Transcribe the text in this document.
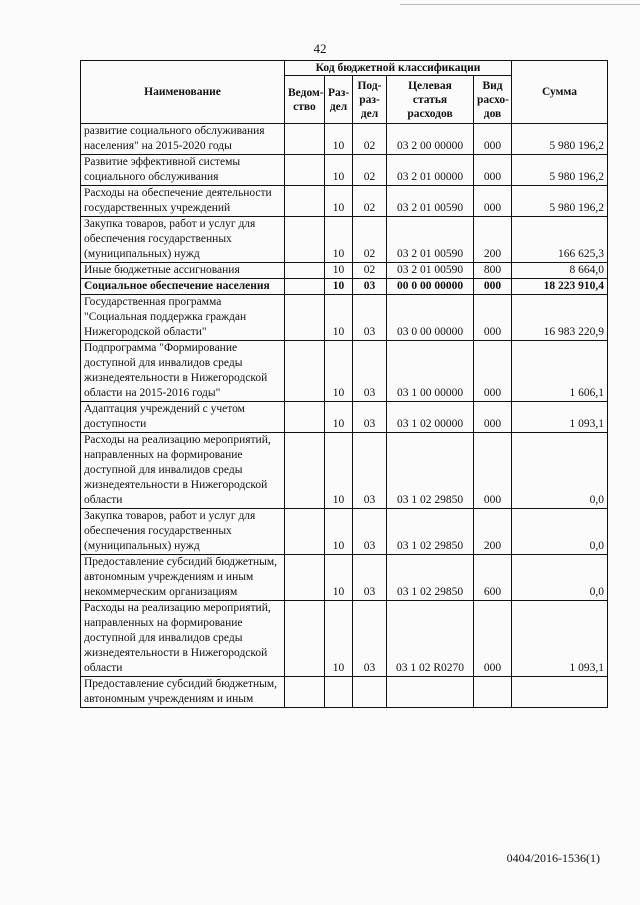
42
Наименование	Код бюджетной классификации					Сумма
	Ведом-ство	Раз-дел	Под-раз-дел	Целевая статья расходов	Вид расхо-дов	
развитие социального обслуживания населения" на 2015-2020 годы		10	02	03 2 00 00000	000	5 980 196,2
Развитие эффективной системы социального обслуживания		10	02	03 2 01 00000	000	5 980 196,2
Расходы на обеспечение деятельности государственных учреждений		10	02	03 2 01 00590	000	5 980 196,2
Закупка товаров, работ и услуг для обеспечения государственных (муниципальных) нужд		10	02	03 2 01 00590	200	166 625,3
Иные бюджетные ассигнования		10	02	03 2 01 00590	800	8 664,0
Социальное обеспечение населения		10	03	00 0 00 00000	000	18 223 910,4
Государственная программа "Социальная поддержка граждан Нижегородской области"		10	03	03 0 00 00000	000	16 983 220,9
Подпрограмма "Формирование доступной для инвалидов среды жизнедеятельности в Нижегородской области на 2015-2016 годы"		10	03	03 1 00 00000	000	1 606,1
Адаптация учреждений с учетом доступности		10	03	03 1 02 00000	000	1 093,1
Расходы на реализацию мероприятий, направленных на формирование доступной для инвалидов среды жизнедеятельности в Нижегородской области		10	03	03 1 02 29850	000	0,0
Закупка товаров, работ и услуг для обеспечения государственных (муниципальных) нужд		10	03	03 1 02 29850	200	0,0
Предоставление субсидий бюджетным, автономным учреждениям и иным некоммерческим организациям		10	03	03 1 02 29850	600	0,0
Расходы на реализацию мероприятий, направленных на формирование доступной для инвалидов среды жизнедеятельности в Нижегородской области		10	03	03 1 02 R0270	000	1 093,1
Предоставление субсидий бюджетным, автономным учреждениям и иным						
0404/2016-1536(1)
